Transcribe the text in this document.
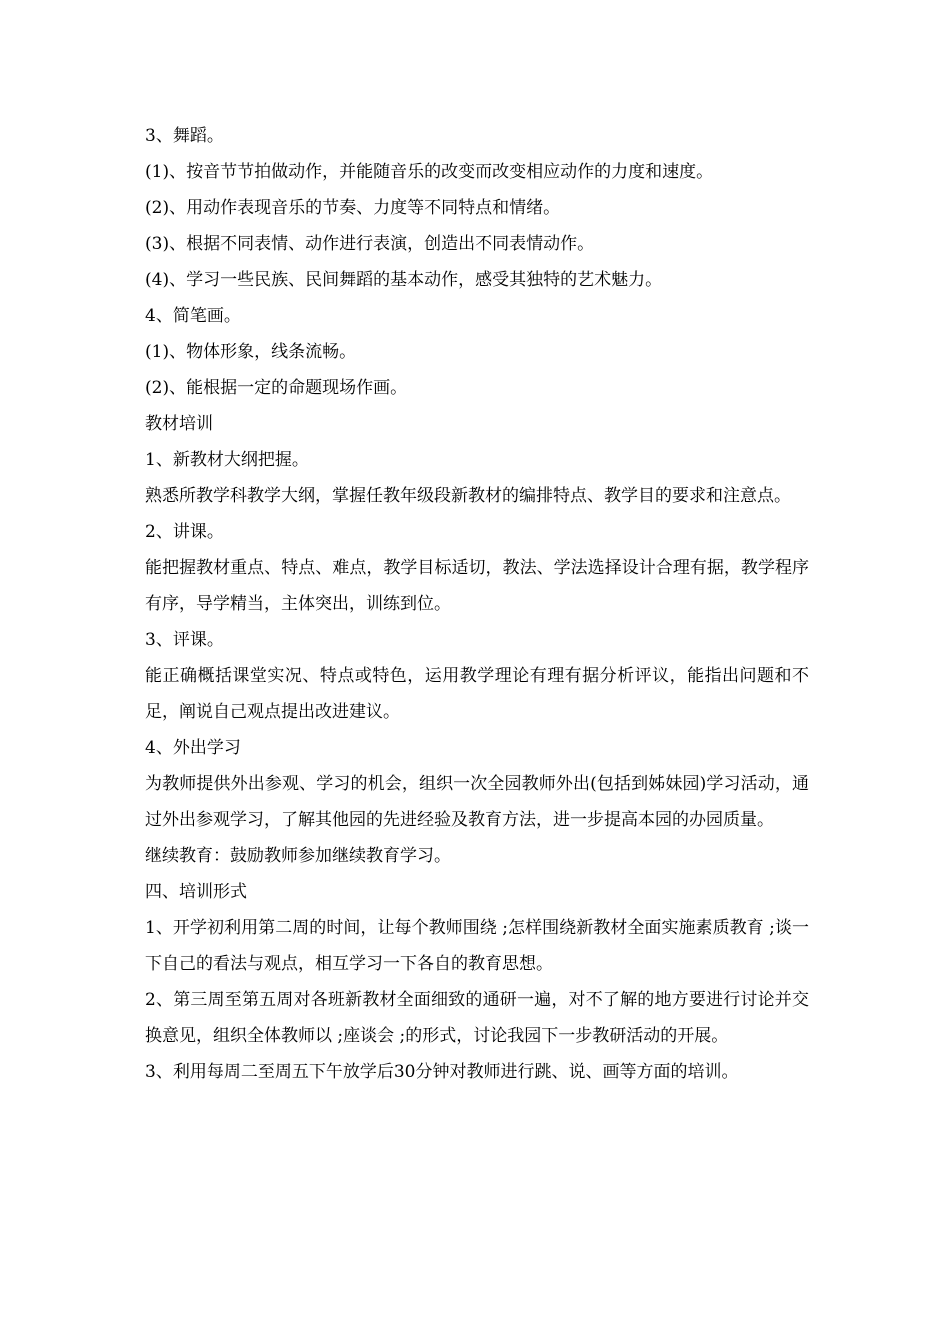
3、舞蹈。

(1)、按音节节拍做动作，并能随音乐的改变而改变相应动作的力度和速度。

(2)、用动作表现音乐的节奏、力度等不同特点和情绪。

(3)、根据不同表情、动作进行表演，创造出不同表情动作。

(4)、学习一些民族、民间舞蹈的基本动作，感受其独特的艺术魅力。

4、简笔画。

(1)、物体形象，线条流畅。

(2)、能根据一定的命题现场作画。

教材培训

1、新教材大纲把握。

熟悉所教学科教学大纲，掌握任教年级段新教材的编排特点、教学目的要求和注意点。

2、讲课。

能把握教材重点、特点、难点，教学目标适切，教法、学法选择设计合理有据，教学程序有序，导学精当，主体突出，训练到位。

3、评课。

能正确概括课堂实况、特点或特色，运用教学理论有理有据分析评议，能指出问题和不足，阐说自己观点提出改进建议。

4、外出学习

为教师提供外出参观、学习的机会，组织一次全园教师外出(包括到姊妹园)学习活动，通过外出参观学习，了解其他园的先进经验及教育方法，进一步提高本园的办园质量。

继续教育：鼓励教师参加继续教育学习。

四、培训形式

1、开学初利用第二周的时间，让每个教师围绕 ;怎样围绕新教材全面实施素质教育 ;谈一下自己的看法与观点，相互学习一下各自的教育思想。

2、第三周至第五周对各班新教材全面细致的通研一遍，对不了解的地方要进行讨论并交换意见，组织全体教师以 ;座谈会 ;的形式，讨论我园下一步教研活动的开展。

3、利用每周二至周五下午放学后30分钟对教师进行跳、说、画等方面的培训。
